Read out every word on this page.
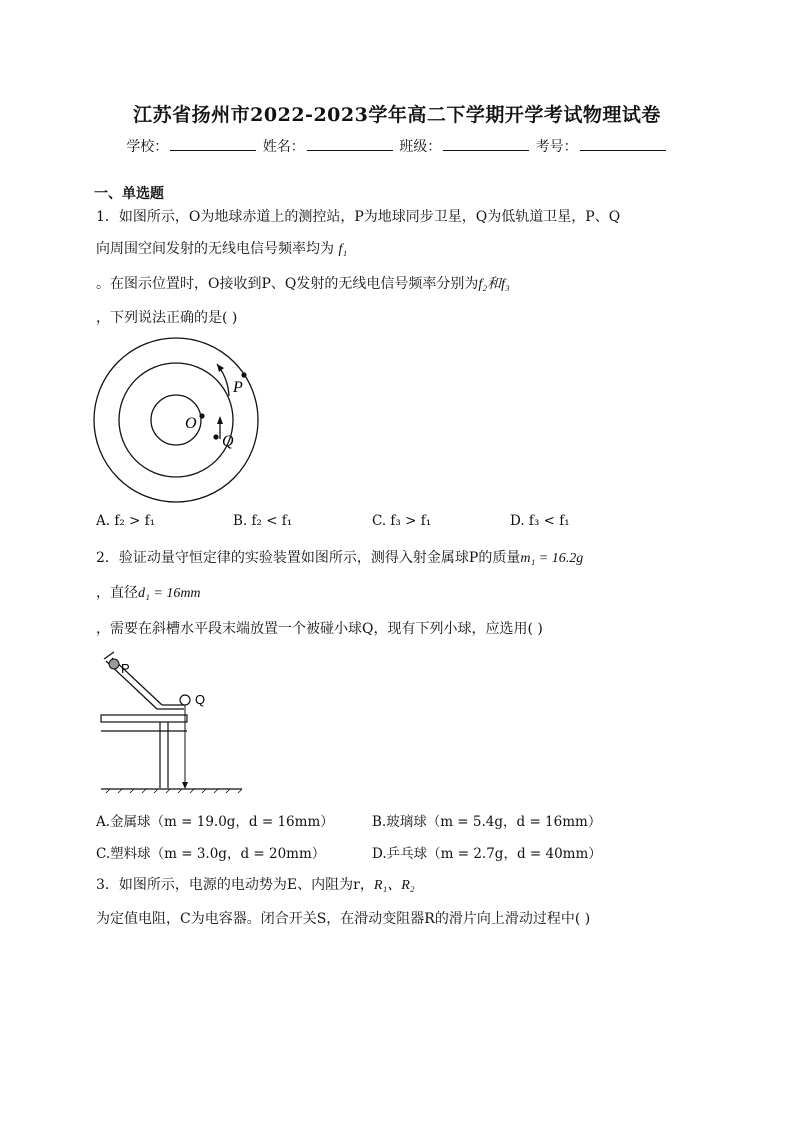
江苏省扬州市2022-2023学年高二下学期开学考试物理试卷
学校：	姓名：	班级：	考号：
一、单选题
1．如图所示，O为地球赤道上的测控站，P为地球同步卫星，Q为低轨道卫星，P、Q
向周围空间发射的无线电信号频率均为 f₁
。在图示位置时，O接收到P、Q发射的无线电信号频率分别为f₂和f₃
，下列说法正确的是( )
P
O
Q
A. f₂ > f₁	B. f₂ < f₁	C. f₃ > f₁	D. f₃ < f₁
2．验证动量守恒定律的实验装置如图所示，测得入射金属球P的质量m₁ = 16.2g
，直径d₁ = 16mm
，需要在斜槽水平段末端放置一个被碰小球Q，现有下列小球，应选用( )
P
Q
A.金属球（m = 19.0g，d = 16mm）	B.玻璃球（m = 5.4g，d = 16mm）
C.塑料球（m = 3.0g，d = 20mm）	D.乒乓球（m = 2.7g，d = 40mm）
3．如图所示，电源的电动势为E、内阻为r，R₁、R₂
为定值电阻，C为电容器。闭合开关S，在滑动变阻器R的滑片向上滑动过程中( )
